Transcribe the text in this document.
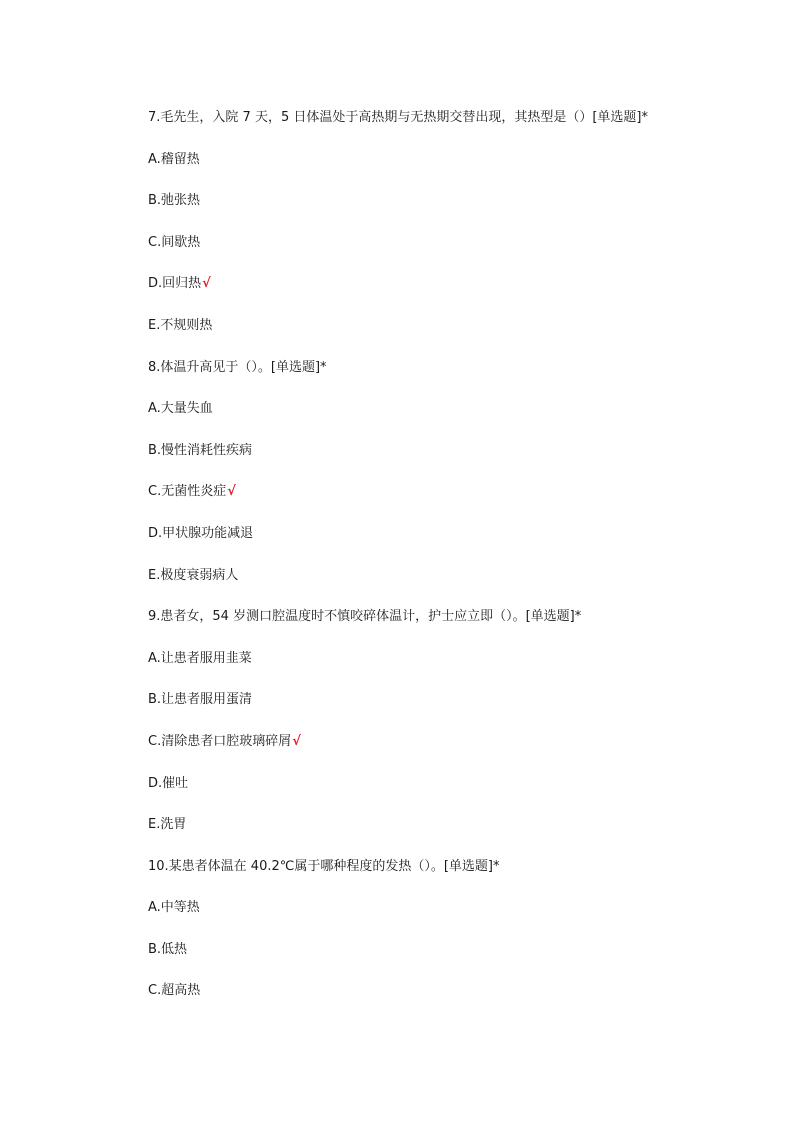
7.毛先生，入院 7 天，5 日体温处于高热期与无热期交替出现，其热型是（）[单选题]*
A.稽留热
B.弛张热
C.间歇热
D.回归热√
E.不规则热
8.体温升高见于（）。[单选题]*
A.大量失血
B.慢性消耗性疾病
C.无菌性炎症√
D.甲状腺功能减退
E.极度衰弱病人
9.患者女，54 岁测口腔温度时不慎咬碎体温计，护士应立即（）。[单选题]*
A.让患者服用韭菜
B.让患者服用蛋清
C.清除患者口腔玻璃碎屑√
D.催吐
E.洗胃
10.某患者体温在 40.2℃属于哪种程度的发热（）。[单选题]*
A.中等热
B.低热
C.超高热
